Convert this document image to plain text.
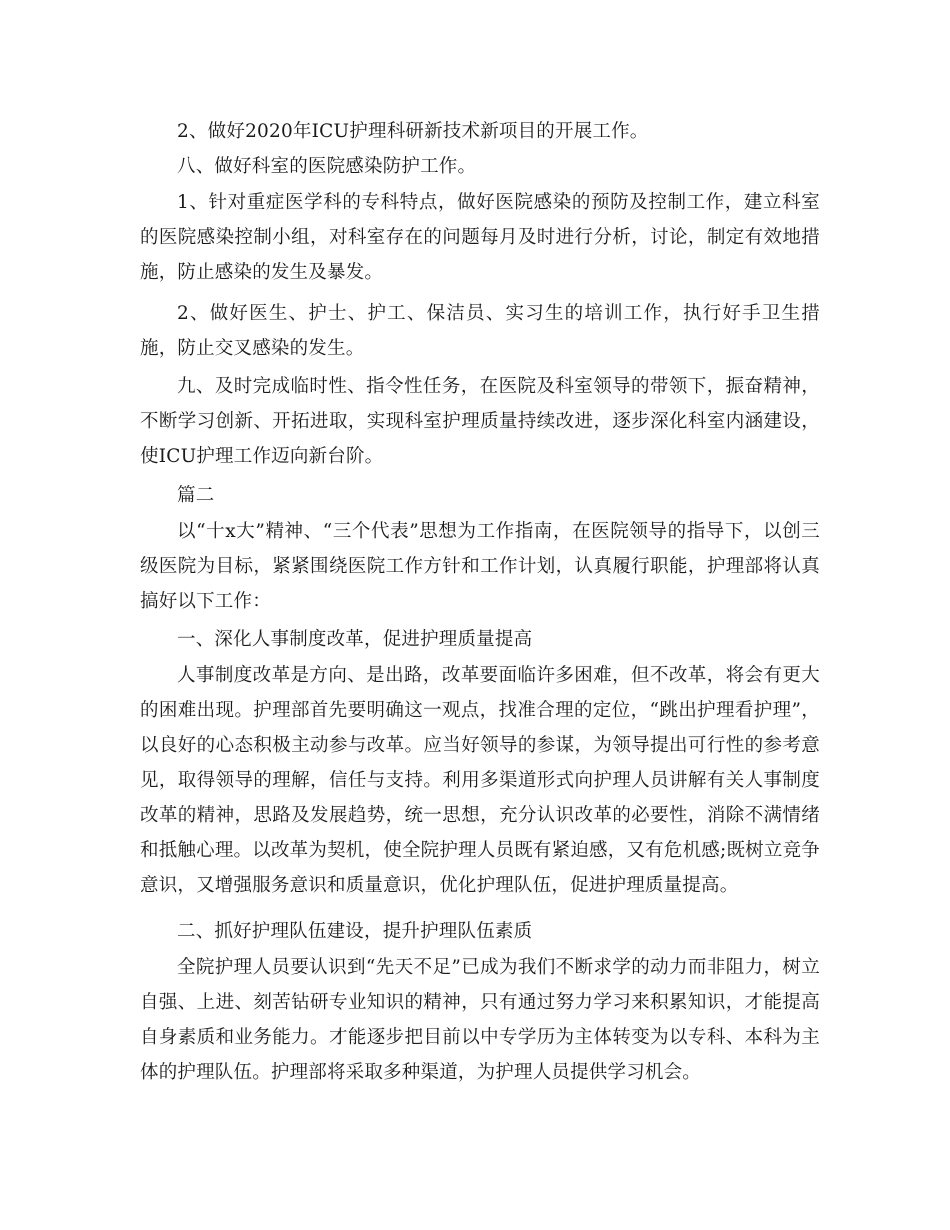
2、做好2020年ICU护理科研新技术新项目的开展工作。

八、做好科室的医院感染防护工作。

1、针对重症医学科的专科特点，做好医院感染的预防及控制工作，建立科室的医院感染控制小组，对科室存在的问题每月及时进行分析，讨论，制定有效地措施，防止感染的发生及暴发。

2、做好医生、护士、护工、保洁员、实习生的培训工作，执行好手卫生措施，防止交叉感染的发生。

九、及时完成临时性、指令性任务，在医院及科室领导的带领下，振奋精神，不断学习创新、开拓进取，实现科室护理质量持续改进，逐步深化科室内涵建设，使ICU护理工作迈向新台阶。

篇二

以“十x大”精神、“三个代表”思想为工作指南，在医院领导的指导下，以创三级医院为目标，紧紧围绕医院工作方针和工作计划，认真履行职能，护理部将认真搞好以下工作：

一、深化人事制度改革，促进护理质量提高

人事制度改革是方向、是出路，改革要面临许多困难，但不改革，将会有更大的困难出现。护理部首先要明确这一观点，找准合理的定位，“跳出护理看护理”，以良好的心态积极主动参与改革。应当好领导的参谋，为领导提出可行性的参考意见，取得领导的理解，信任与支持。利用多渠道形式向护理人员讲解有关人事制度改革的精神，思路及发展趋势，统一思想，充分认识改革的必要性，消除不满情绪和抵触心理。以改革为契机，使全院护理人员既有紧迫感，又有危机感;既树立竞争意识，又增强服务意识和质量意识，优化护理队伍，促进护理质量提高。

二、抓好护理队伍建设，提升护理队伍素质

全院护理人员要认识到“先天不足”已成为我们不断求学的动力而非阻力，树立自强、上进、刻苦钻研专业知识的精神，只有通过努力学习来积累知识，才能提高自身素质和业务能力。才能逐步把目前以中专学历为主体转变为以专科、本科为主体的护理队伍。护理部将采取多种渠道，为护理人员提供学习机会。
